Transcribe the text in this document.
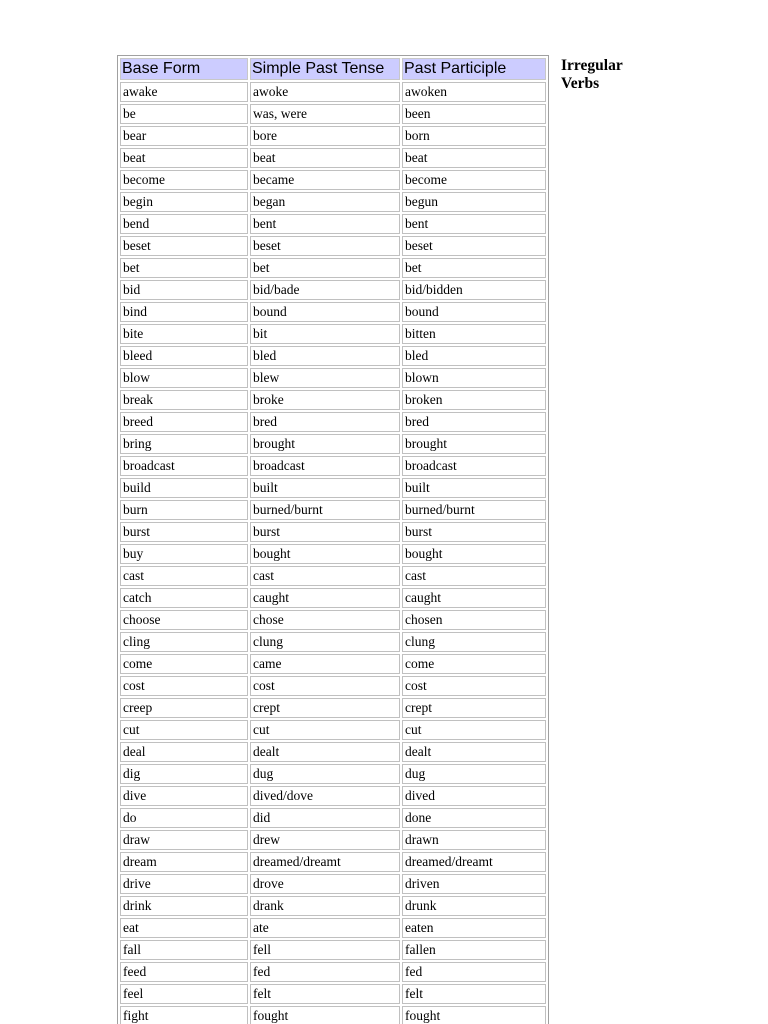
Base Form	Simple Past Tense	Past Participle
awake	awoke	awoken
be	was, were	been
bear	bore	born
beat	beat	beat
become	became	become
begin	began	begun
bend	bent	bent
beset	beset	beset
bet	bet	bet
bid	bid/bade	bid/bidden
bind	bound	bound
bite	bit	bitten
bleed	bled	bled
blow	blew	blown
break	broke	broken
breed	bred	bred
bring	brought	brought
broadcast	broadcast	broadcast
build	built	built
burn	burned/burnt	burned/burnt
burst	burst	burst
buy	bought	bought
cast	cast	cast
catch	caught	caught
choose	chose	chosen
cling	clung	clung
come	came	come
cost	cost	cost
creep	crept	crept
cut	cut	cut
deal	dealt	dealt
dig	dug	dug
dive	dived/dove	dived
do	did	done
draw	drew	drawn
dream	dreamed/dreamt	dreamed/dreamt
drive	drove	driven
drink	drank	drunk
eat	ate	eaten
fall	fell	fallen
feed	fed	fed
feel	felt	felt
fight	fought	fought
Irregular
Verbs
